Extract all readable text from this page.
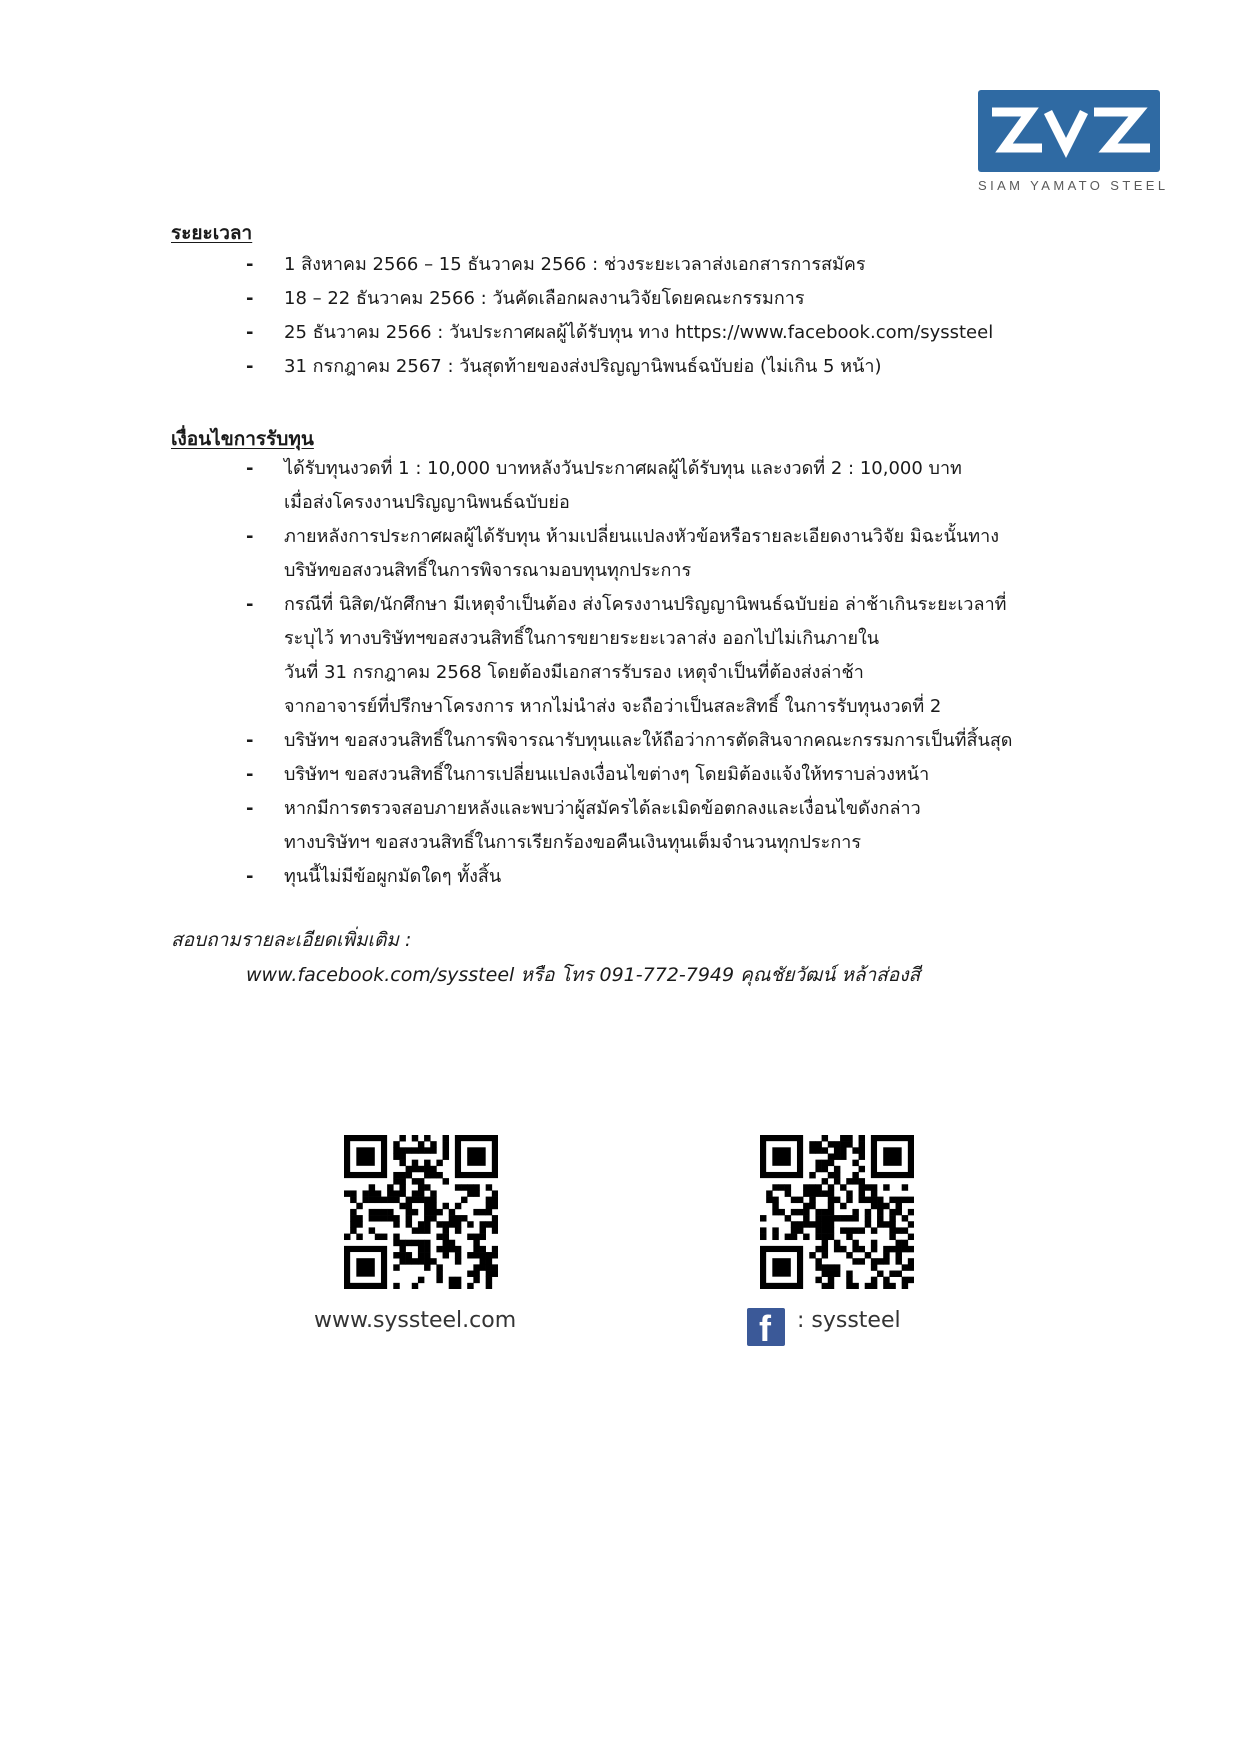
SIAM YAMATO STEEL
ระยะเวลา
- 1 สิงหาคม 2566 – 15 ธันวาคม 2566 : ช่วงระยะเวลาส่งเอกสารการสมัคร
- 18 – 22 ธันวาคม 2566 : วันคัดเลือกผลงานวิจัยโดยคณะกรรมการ
- 25 ธันวาคม 2566 : วันประกาศผลผู้ได้รับทุน ทาง https://www.facebook.com/syssteel
- 31 กรกฎาคม 2567 : วันสุดท้ายของส่งปริญญานิพนธ์ฉบับย่อ (ไม่เกิน 5 หน้า)
เงื่อนไขการรับทุน
- ได้รับทุนงวดที่ 1 : 10,000 บาทหลังวันประกาศผลผู้ได้รับทุน และงวดที่ 2 : 10,000 บาท
เมื่อส่งโครงงานปริญญานิพนธ์ฉบับย่อ
- ภายหลังการประกาศผลผู้ได้รับทุน ห้ามเปลี่ยนแปลงหัวข้อหรือรายละเอียดงานวิจัย มิฉะนั้นทาง
บริษัทขอสงวนสิทธิ์ในการพิจารณามอบทุนทุกประการ
- กรณีที่ นิสิต/นักศึกษา มีเหตุจำเป็นต้อง ส่งโครงงานปริญญานิพนธ์ฉบับย่อ ล่าช้าเกินระยะเวลาที่
ระบุไว้ ทางบริษัทฯขอสงวนสิทธิ์ในการขยายระยะเวลาส่ง ออกไปไม่เกินภายใน
วันที่ 31 กรกฎาคม 2568 โดยต้องมีเอกสารรับรอง เหตุจำเป็นที่ต้องส่งล่าช้า
จากอาจารย์ที่ปรึกษาโครงการ หากไม่นำส่ง จะถือว่าเป็นสละสิทธิ์ ในการรับทุนงวดที่ 2
- บริษัทฯ ขอสงวนสิทธิ์ในการพิจารณารับทุนและให้ถือว่าการตัดสินจากคณะกรรมการเป็นที่สิ้นสุด
- บริษัทฯ ขอสงวนสิทธิ์ในการเปลี่ยนแปลงเงื่อนไขต่างๆ โดยมิต้องแจ้งให้ทราบล่วงหน้า
- หากมีการตรวจสอบภายหลังและพบว่าผู้สมัครได้ละเมิดข้อตกลงและเงื่อนไขดังกล่าว
ทางบริษัทฯ ขอสงวนสิทธิ์ในการเรียกร้องขอคืนเงินทุนเต็มจำนวนทุกประการ
- ทุนนี้ไม่มีข้อผูกมัดใดๆ ทั้งสิ้น
สอบถามรายละเอียดเพิ่มเติม :
www.facebook.com/syssteel หรือ โทร 091-772-7949 คุณชัยวัฒน์ หล้าส่องสี
www.syssteel.com	f : syssteel
